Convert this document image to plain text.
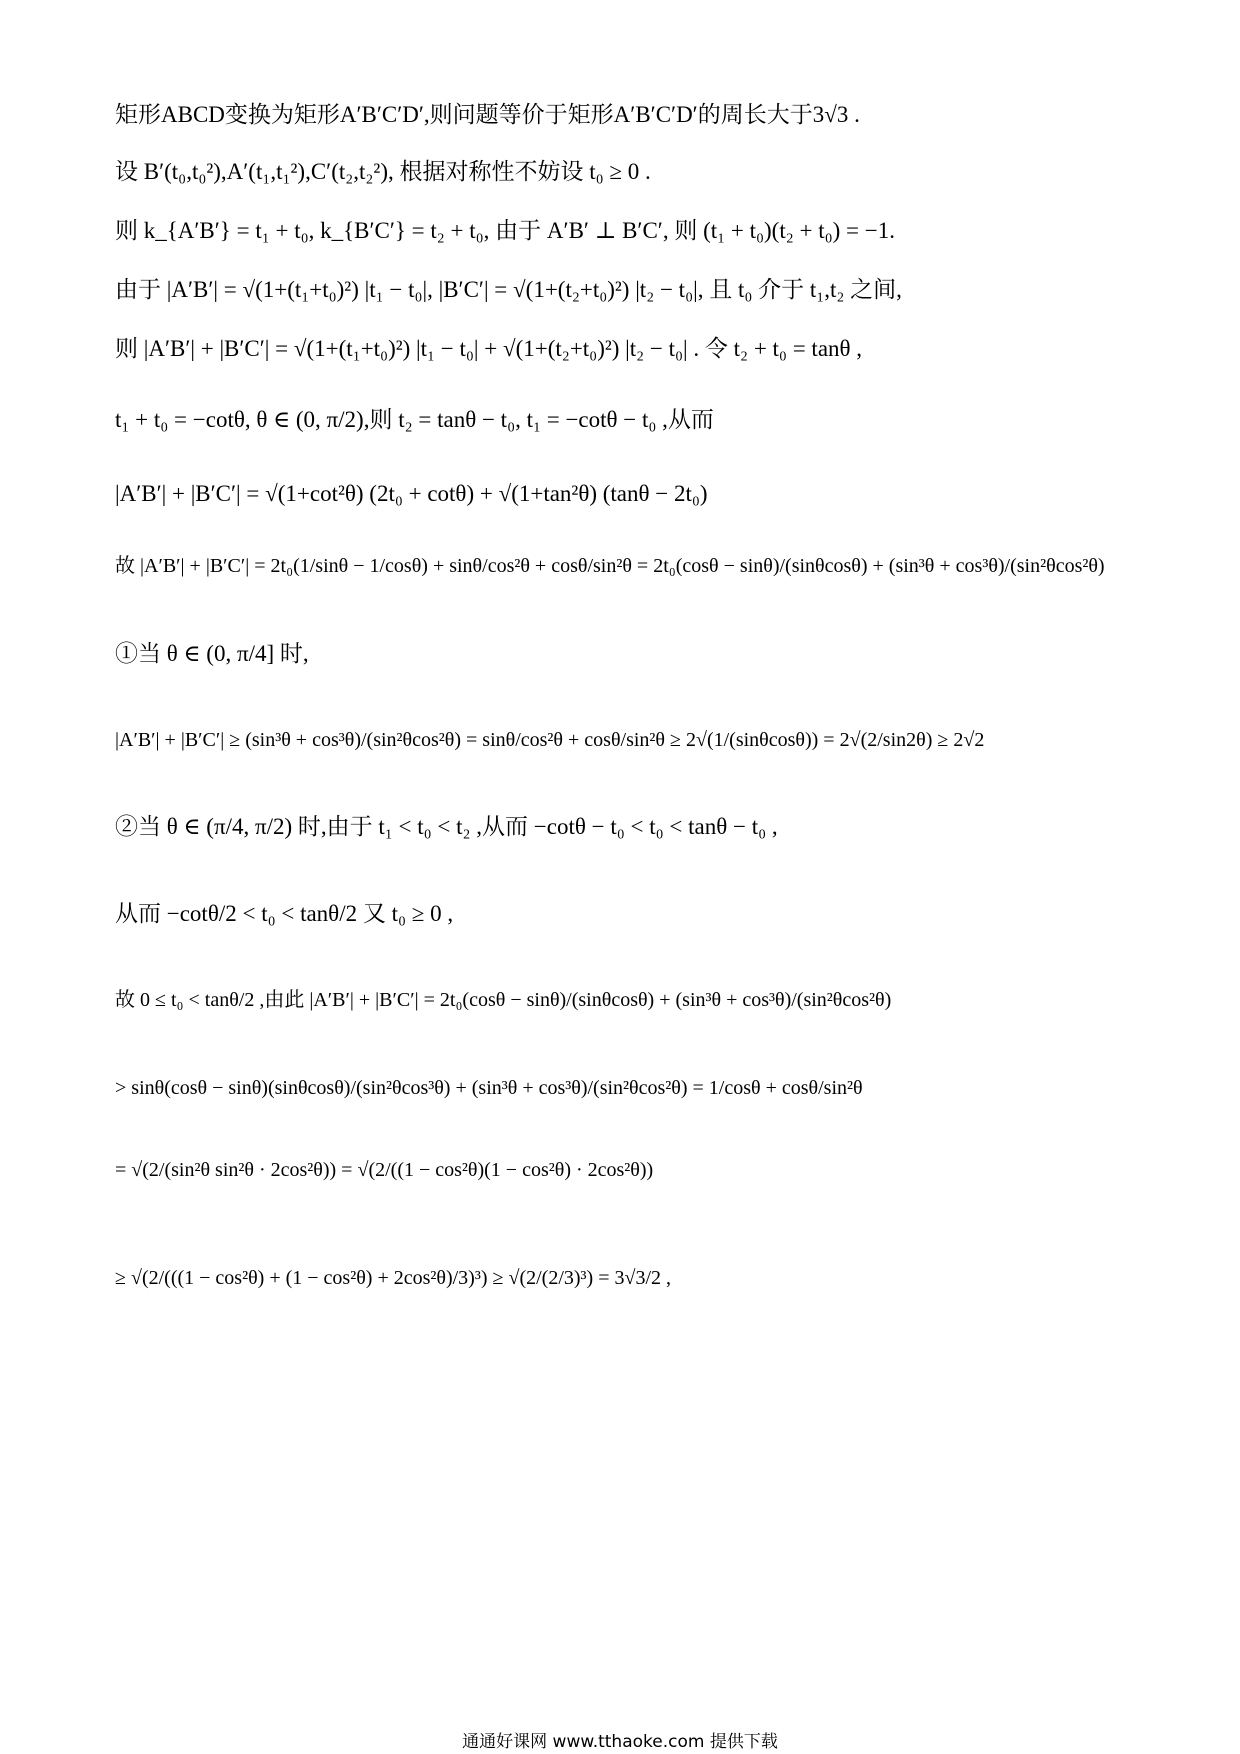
矩形ABCD变换为矩形A′B′C′D′,则问题等价于矩形A′B′C′D′的周长大于3√3 .
设 B′(t₀,t₀²),A′(t₁,t₁²),C′(t₂,t₂²), 根据对称性不妨设 t₀ ≥ 0 .
则 k_{A′B′} = t₁ + t₀, k_{B′C′} = t₂ + t₀, 由于 A′B′ ⊥ B′C′, 则 (t₁ + t₀)(t₂ + t₀) = −1.
由于 |A′B′| = √(1+(t₁+t₀)²) |t₁ − t₀|, |B′C′| = √(1+(t₂+t₀)²) |t₂ − t₀|, 且 t₀ 介于 t₁,t₂ 之间,
则 |A′B′| + |B′C′| = √(1+(t₁+t₀)²) |t₁ − t₀| + √(1+(t₂+t₀)²) |t₂ − t₀| . 令 t₂ + t₀ = tanθ ,
t₁ + t₀ = −cotθ, θ ∈ (0, π/2),则 t₂ = tanθ − t₀, t₁ = −cotθ − t₀ ,从而
|A′B′| + |B′C′| = √(1+cot²θ) (2t₀ + cotθ) + √(1+tan²θ) (tanθ − 2t₀)
故 |A′B′| + |B′C′| = 2t₀(1/sinθ − 1/cosθ) + sinθ/cos²θ + cosθ/sin²θ = 2t₀(cosθ − sinθ)/(sinθcosθ) + (sin³θ + cos³θ)/(sin²θcos²θ)
①当 θ ∈ (0, π/4] 时,
|A′B′| + |B′C′| ≥ (sin³θ + cos³θ)/(sin²θcos²θ) = sinθ/cos²θ + cosθ/sin²θ ≥ 2√(1/(sinθcosθ)) = 2√(2/sin2θ) ≥ 2√2
②当 θ ∈ (π/4, π/2) 时,由于 t₁ < t₀ < t₂ ,从而 −cotθ − t₀ < t₀ < tanθ − t₀ ,
从而 −cotθ/2 < t₀ < tanθ/2 又 t₀ ≥ 0 ,
故 0 ≤ t₀ < tanθ/2 ,由此 |A′B′| + |B′C′| = 2t₀(cosθ − sinθ)/(sinθcosθ) + (sin³θ + cos³θ)/(sin²θcos²θ)
> sinθ(cosθ − sinθ)(sinθcosθ)/(sin²θcos³θ) + (sin³θ + cos³θ)/(sin²θcos²θ) = 1/cosθ + cosθ/sin²θ
= √(2/(sin²θ sin²θ · 2cos²θ)) = √(2/((1 − cos²θ)(1 − cos²θ) · 2cos²θ))
≥ √(2/(((1 − cos²θ) + (1 − cos²θ) + 2cos²θ)/3)³) ≥ √(2/(2/3)³) = 3√3/2 ,
通通好课网 www.tthaoke.com 提供下载
